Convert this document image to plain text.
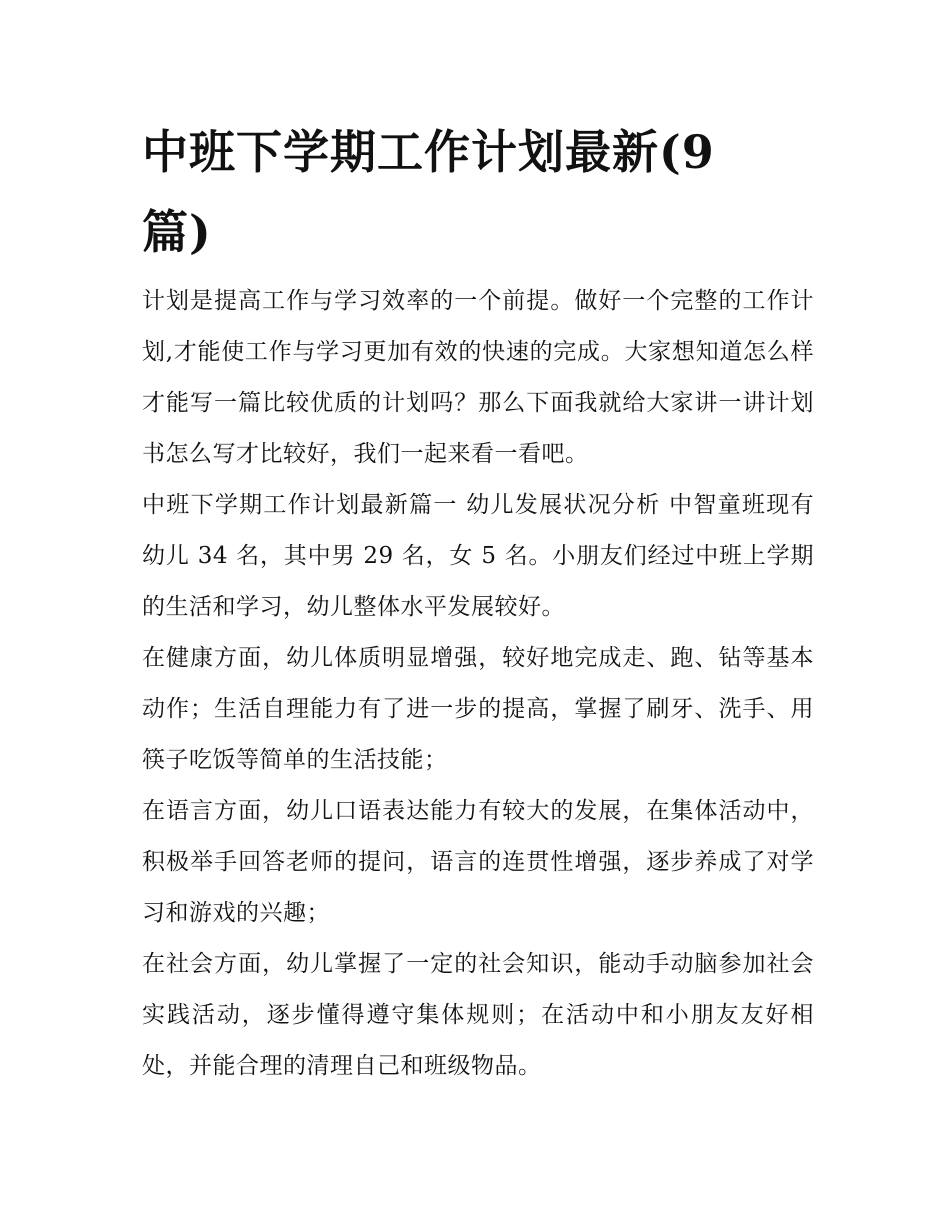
中班下学期工作计划最新(9篇)

计划是提高工作与学习效率的一个前提。做好一个完整的工作计划,才能使工作与学习更加有效的快速的完成。大家想知道怎么样才能写一篇比较优质的计划吗？那么下面我就给大家讲一讲计划书怎么写才比较好，我们一起来看一看吧。

中班下学期工作计划最新篇一 幼儿发展状况分析 中智童班现有幼儿 34 名，其中男 29 名，女 5 名。小朋友们经过中班上学期的生活和学习，幼儿整体水平发展较好。

在健康方面，幼儿体质明显增强，较好地完成走、跑、钻等基本动作；生活自理能力有了进一步的提高，掌握了刷牙、洗手、用筷子吃饭等简单的生活技能；

在语言方面，幼儿口语表达能力有较大的发展，在集体活动中，积极举手回答老师的提问，语言的连贯性增强，逐步养成了对学习和游戏的兴趣；

在社会方面，幼儿掌握了一定的社会知识，能动手动脑参加社会实践活动，逐步懂得遵守集体规则；在活动中和小朋友友好相处，并能合理的清理自己和班级物品。
